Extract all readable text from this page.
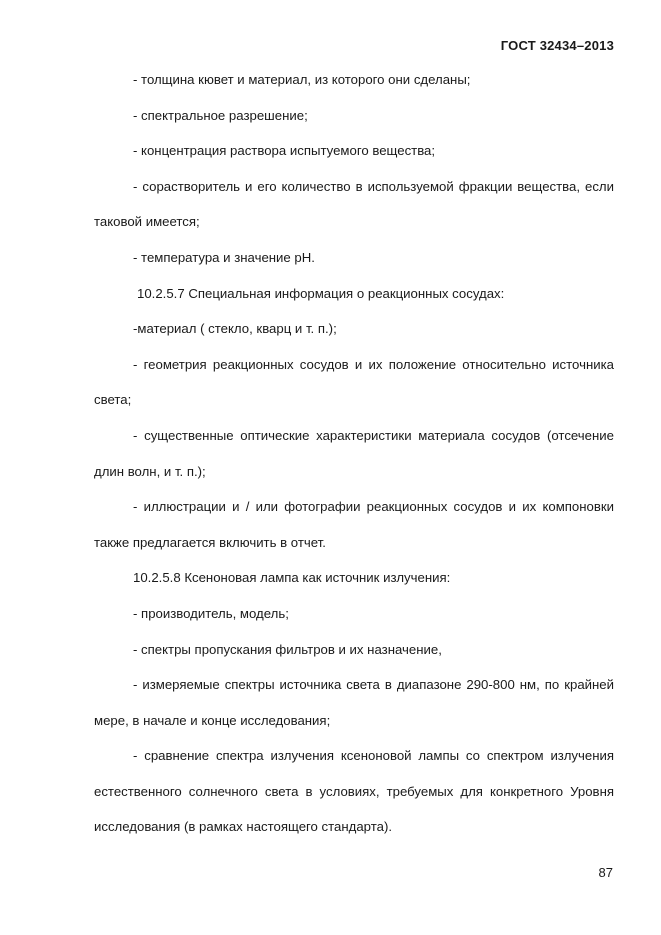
ГОСТ 32434–2013

- толщина кювет и материал, из которого они сделаны;

- спектральное разрешение;

- концентрация раствора испытуемого вещества;

- сорастворитель и его количество в используемой фракции вещества, если таковой имеется;

- температура и значение pH.

10.2.5.7 Специальная информация о реакционных сосудах:

-материал ( стекло, кварц и т. п.);

- геометрия реакционных сосудов и их положение относительно источника света;

- существенные оптические характеристики материала сосудов (отсечение длин волн, и т. п.);

- иллюстрации и / или фотографии реакционных сосудов и их компоновки также предлагается включить в отчет.

10.2.5.8 Ксеноновая лампа как источник излучения:

- производитель, модель;

- спектры пропускания фильтров и их назначение,

- измеряемые спектры источника света в диапазоне 290-800 нм, по крайней мере, в начале и конце исследования;

- сравнение спектра излучения ксеноновой лампы со спектром излучения естественного солнечного света в условиях, требуемых для конкретного Уровня исследования (в рамках настоящего стандарта).

87
